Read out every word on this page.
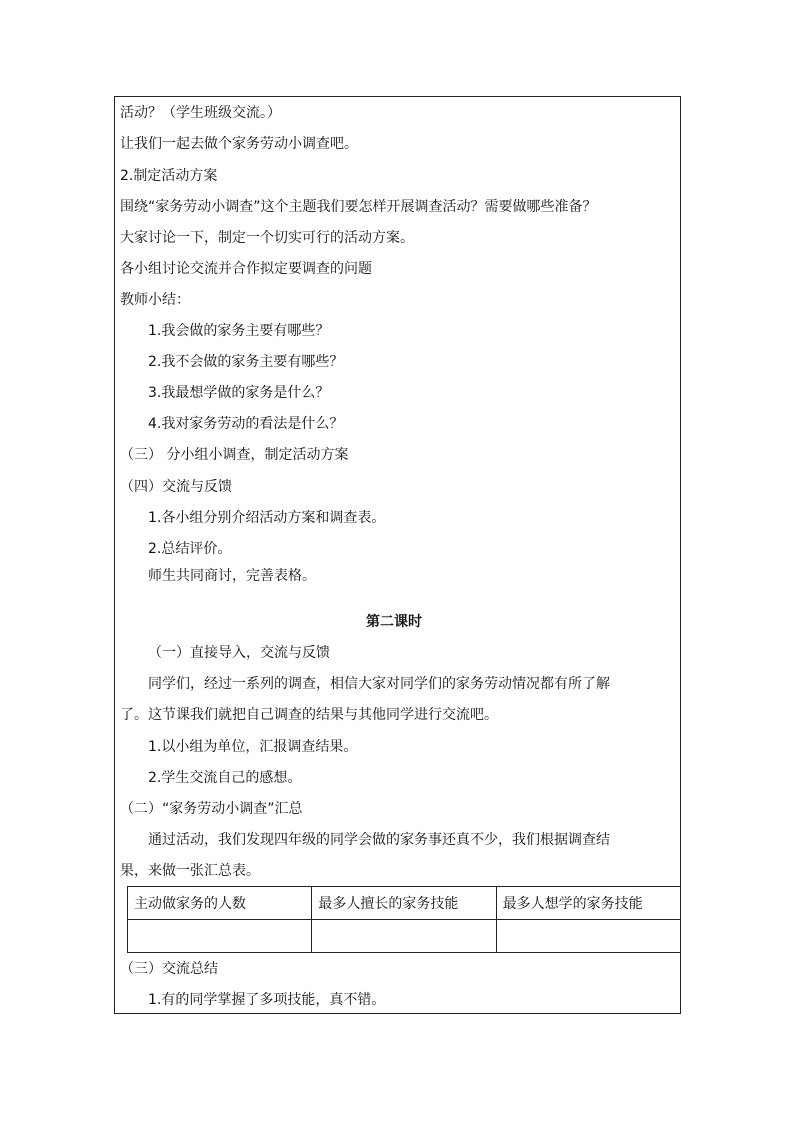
活动？（学生班级交流。）
让我们一起去做个家务劳动小调查吧。
2.制定活动方案
围绕“家务劳动小调查”这个主题我们要怎样开展调查活动？需要做哪些准备？
大家讨论一下，制定一个切实可行的活动方案。
各小组讨论交流并合作拟定要调查的问题
教师小结：
1.我会做的家务主要有哪些？
2.我不会做的家务主要有哪些？
3.我最想学做的家务是什么？
4.我对家务劳动的看法是什么？
（三） 分小组小调查，制定活动方案
（四）交流与反馈
1.各小组分别介绍活动方案和调查表。
2.总结评价。
师生共同商讨，完善表格。
第二课时
（一）直接导入，交流与反馈
同学们，经过一系列的调查，相信大家对同学们的家务劳动情况都有所了解
了。这节课我们就把自己调查的结果与其他同学进行交流吧。
1.以小组为单位，汇报调查结果。
2.学生交流自己的感想。
（二）“家务劳动小调查”汇总
通过活动，我们发现四年级的同学会做的家务事还真不少，我们根据调查结
果，来做一张汇总表。
主动做家务的人数	最多人擅长的家务技能	最多人想学的家务技能

（三）交流总结
1.有的同学掌握了多项技能，真不错。
